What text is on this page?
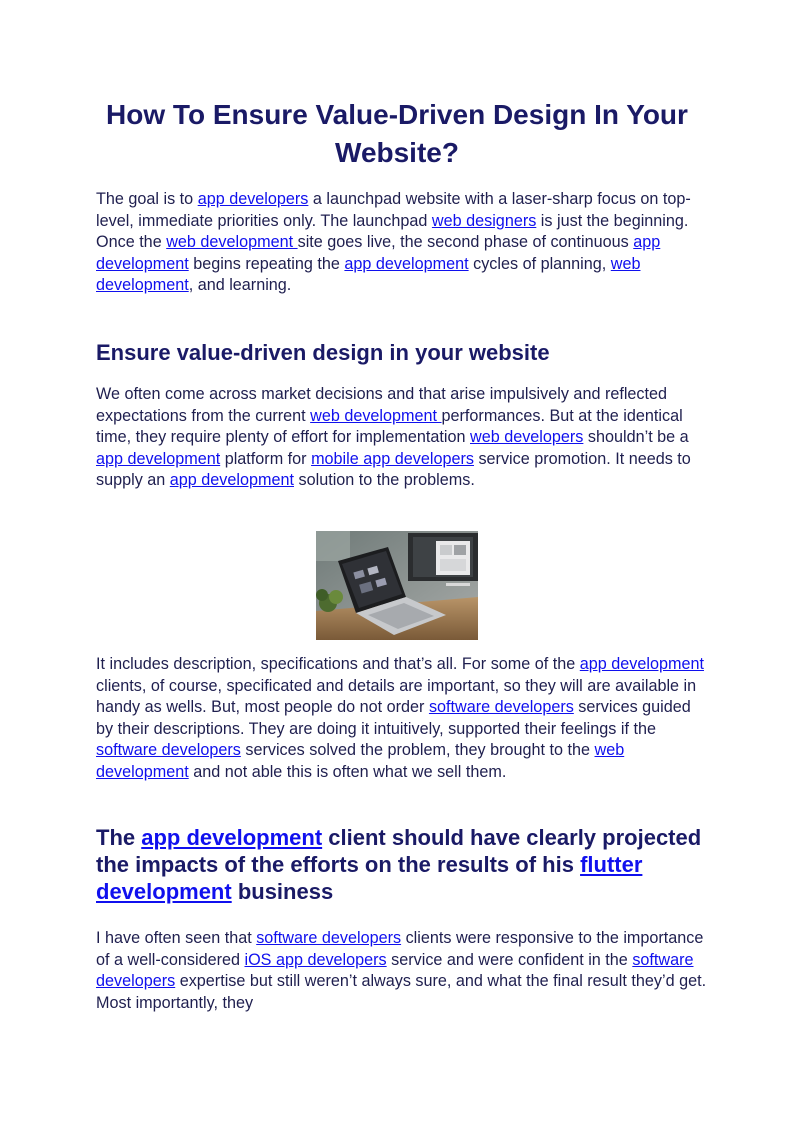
How To Ensure Value-Driven Design In Your Website?

The goal is to app developers a launchpad website with a laser-sharp focus on top-level, immediate priorities only. The launchpad web designers is just the beginning. Once the web development site goes live, the second phase of continuous app development begins repeating the app development cycles of planning, web development, and learning.

Ensure value-driven design in your website

We often come across market decisions and that arise impulsively and reflected expectations from the current web development performances. But at the identical time, they require plenty of effort for implementation web developers shouldn’t be a app development platform for mobile app developers service promotion. It needs to supply an app development solution to the problems.

It includes description, specifications and that’s all. For some of the app development clients, of course, specificated and details are important, so they will are available in handy as wells. But, most people do not order software developers services guided by their descriptions. They are doing it intuitively, supported their feelings if the software developers services solved the problem, they brought to the web development and not able this is often what we sell them.

The app development client should have clearly projected the impacts of the efforts on the results of his flutter development business

I have often seen that software developers clients were responsive to the importance of a well-considered iOS app developers service and were confident in the software developers expertise but still weren’t always sure, and what the final result they’d get. Most importantly, they
